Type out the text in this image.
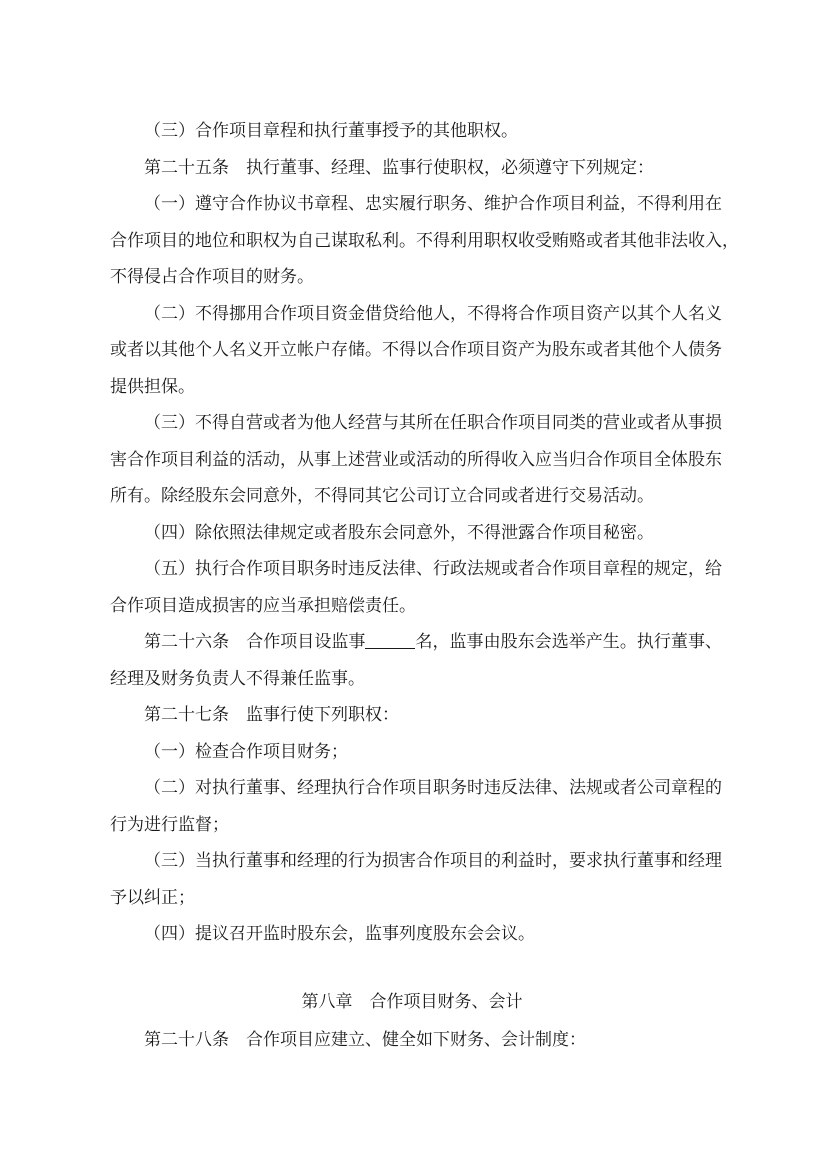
（三）合作项目章程和执行董事授予的其他职权。
第二十五条　执行董事、经理、监事行使职权，必须遵守下列规定：
（一）遵守合作协议书章程、忠实履行职务、维护合作项目利益，不得利用在
合作项目的地位和职权为自己谋取私利。不得利用职权收受贿赂或者其他非法收入，
不得侵占合作项目的财务。
（二）不得挪用合作项目资金借贷给他人，不得将合作项目资产以其个人名义
或者以其他个人名义开立帐户存储。不得以合作项目资产为股东或者其他个人债务
提供担保。
（三）不得自营或者为他人经营与其所在任职合作项目同类的营业或者从事损
害合作项目利益的活动，从事上述营业或活动的所得收入应当归合作项目全体股东
所有。除经股东会同意外，不得同其它公司订立合同或者进行交易活动。
（四）除依照法律规定或者股东会同意外，不得泄露合作项目秘密。
（五）执行合作项目职务时违反法律、行政法规或者合作项目章程的规定，给
合作项目造成损害的应当承担赔偿责任。
第二十六条　合作项目设监事	名，监事由股东会选举产生。执行董事、
经理及财务负责人不得兼任监事。
第二十七条　监事行使下列职权：
（一）检查合作项目财务；
（二）对执行董事、经理执行合作项目职务时违反法律、法规或者公司章程的
行为进行监督；
（三）当执行董事和经理的行为损害合作项目的利益时，要求执行董事和经理
予以纠正；
（四）提议召开监时股东会，监事列度股东会会议。
第八章　合作项目财务、会计
第二十八条　合作项目应建立、健全如下财务、会计制度：
